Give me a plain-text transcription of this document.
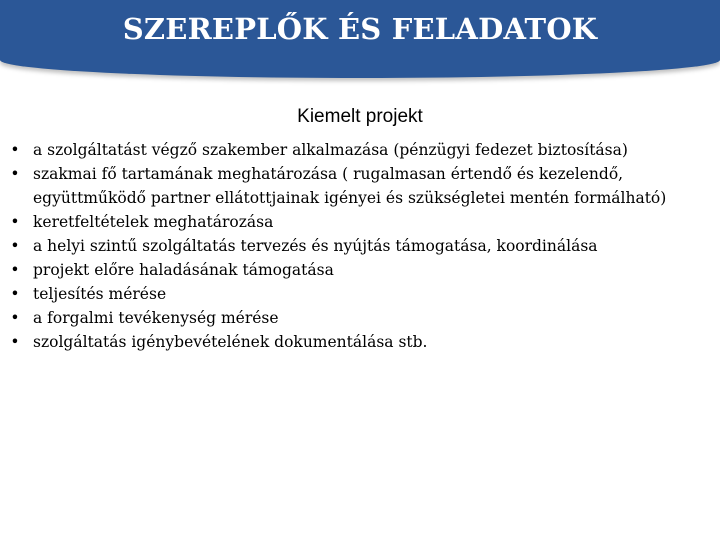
SZEREPLŐK ÉS FELADATOK

Kiemelt projekt

• a szolgáltatást végző szakember alkalmazása (pénzügyi fedezet biztosítása)
• szakmai fő tartamának meghatározása ( rugalmasan értendő és kezelendő, együttműködő partner ellátottjainak igényei és szükségletei mentén formálható)
• keretfeltételek meghatározása
• a helyi szintű szolgáltatás tervezés és nyújtás támogatása, koordinálása
• projekt előre haladásának támogatása
• teljesítés mérése
• a forgalmi tevékenység mérése
• szolgáltatás igénybevételének dokumentálása stb.
